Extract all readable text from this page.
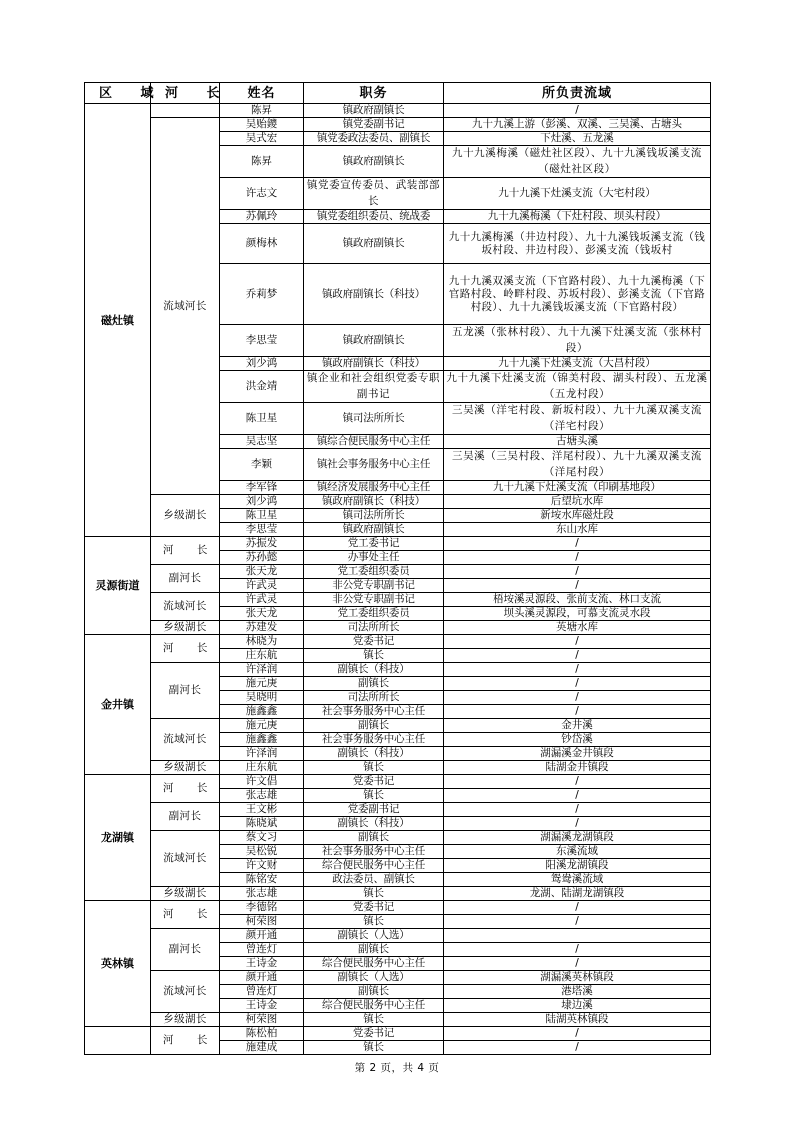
区 域	河 长	姓名	职务	所负责流域
磁灶镇		陈昇	镇政府副镇长	/
	流域河长	吴贻鑁	镇党委副书记	九十九溪上游（彭溪、双溪、三吴溪、古塘头
		吴式宏	镇党委政法委员、副镇长	下灶溪、五龙溪
		陈昇	镇政府副镇长	九十九溪梅溪（磁灶社区段）、九十九溪钱坂溪支流（磁灶社区段）
		许志文	镇党委宣传委员、武装部部长	九十九溪下灶溪支流（大宅村段）
		苏佩玲	镇党委组织委员、统战委	九十九溪梅溪（下灶村段、坝头村段）
		颜梅林	镇政府副镇长	九十九溪梅溪（井边村段）、九十九溪钱坂溪支流（钱坂村段、井边村段）、彭溪支流（钱坂村
		乔莉梦	镇政府副镇长（科技）	九十九溪双溪支流（下官路村段）、九十九溪梅溪（下官路村段、岭畔村段、苏坂村段）、彭溪支流（下官路村段）、九十九溪钱坂溪支流（下官路村段）
		李思莹	镇政府副镇长	五龙溪（张林村段）、九十九溪下灶溪支流（张林村段）
		刘少鸿	镇政府副镇长（科技）	九十九溪下灶溪支流（大昌村段）
		洪金靖	镇企业和社会组织党委专职副书记	九十九溪下灶溪支流（锦美村段、湖头村段）、五龙溪（五龙村段）
		陈卫星	镇司法所所长	三吴溪（洋宅村段、新坂村段）、九十九溪双溪支流（洋宅村段）
		吴志坚	镇综合便民服务中心主任	古塘头溪
		李颖	镇社会事务服务中心主任	三吴溪（三吴村段、洋尾村段）、九十九溪双溪支流（洋尾村段）
		李军锋	镇经济发展服务中心主任	九十九溪下灶溪支流（印刷基地段）
	乡级湖长	刘少鸿	镇政府副镇长（科技）	后望坑水库
		陈卫星	镇司法所所长	新垵水库磁灶段
		李思莹	镇政府副镇长	东山水库
灵源街道	河 长	苏振发	党工委书记	/
		苏孙懿	办事处主任	/
	副河长	张天龙	党工委组织委员	/
		许武灵	非公党专职副书记	/
	流域河长	许武灵	非公党专职副书记	梧垵溪灵源段、张前支流、林口支流
		张天龙	党工委组织委员	坝头溪灵源段，可慕支流灵水段
	乡级湖长	苏建发	司法所所长	英塘水库
金井镇	河 长	林晓为	党委书记	/
		庄东航	镇长	/
	副河长	许泽润	副镇长（科技）	/
		施元庚	副镇长	/
		吴晓明	司法所所长	/
		施鑫鑫	社会事务服务中心主任	/
	流域河长	施元庚	副镇长	金井溪
		施鑫鑫	社会事务服务中心主任	钞岱溪
		许泽润	副镇长（科技）	湖漏溪金井镇段
	乡级湖长	庄东航	镇长	陆湖金井镇段
龙湖镇	河 长	许文倡	党委书记	/
		张志雄	镇长	/
	副河长	王文彬	党委副书记	/
		陈晓斌	副镇长（科技）	/
	流域河长	蔡文习	副镇长	湖漏溪龙湖镇段
		吴松锐	社会事务服务中心主任	东溪流域
		许文财	综合便民服务中心主任	阳溪龙湖镇段
		陈铭安	政法委员、副镇长	鸳鸯溪流域
	乡级湖长	张志雄	镇长	龙湖、陆湖龙湖镇段
英林镇	河 长	李德铭	党委书记	/
		柯荣图	镇长	/
	副河长	颜开通	副镇长（人选）	
		曾连灯	副镇长	/
		王诗金	综合便民服务中心主任	/
	流域河长	颜开通	副镇长（人选）	湖漏溪英林镇段
		曾连灯	副镇长	港塔溪
		王诗金	综合便民服务中心主任	埭边溪
	乡级湖长	柯荣图	镇长	陆湖英林镇段
	河 长	陈松柏	党委书记	/
		施建成	镇长	/
第 2 页，共 4 页
